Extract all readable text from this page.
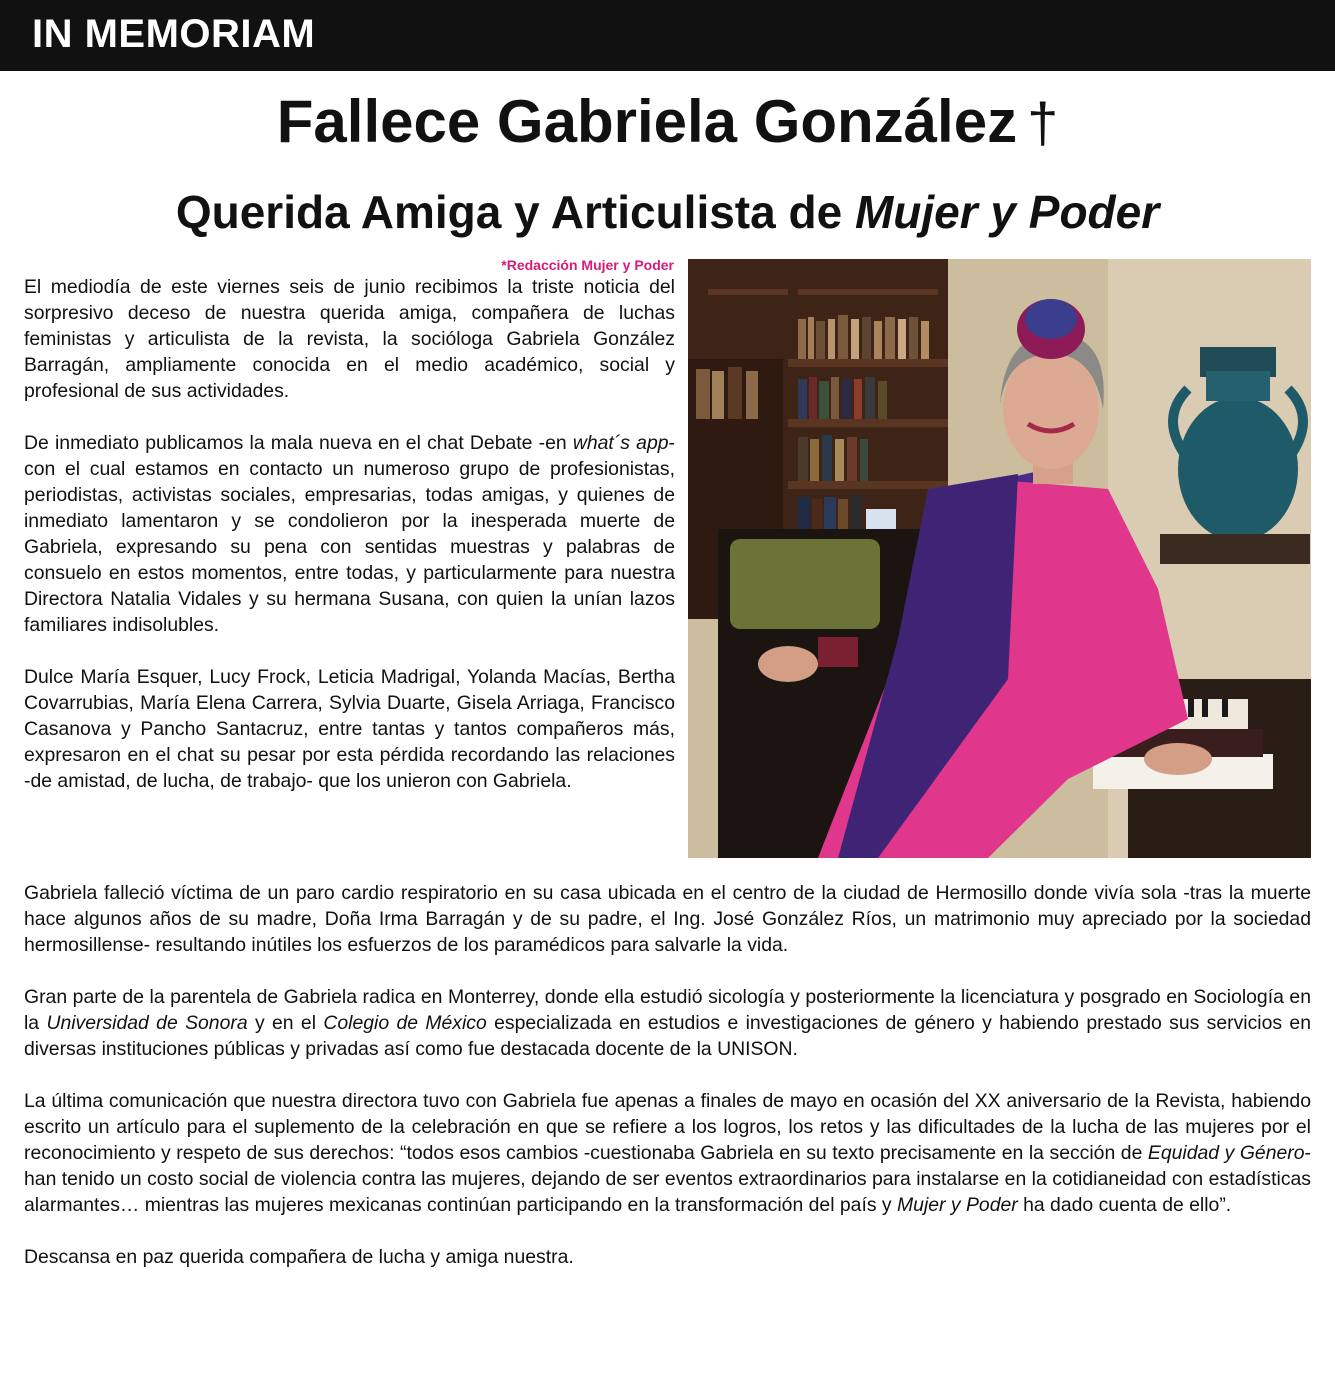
IN MEMORIAM
Fallece Gabriela González †
Querida Amiga y Articulista de Mujer y Poder
*Redacción Mujer y Poder

El mediodía de este viernes seis de junio recibimos la triste noticia del sorpresivo deceso de nuestra querida amiga, compañera de luchas feministas y articulista de la revista, la socióloga Gabriela González Barragán, ampliamente conocida en el medio académico, social y profesional de sus actividades.

De inmediato publicamos la mala nueva en el chat Debate -en what´s app- con el cual estamos en contacto un numeroso grupo de profesionistas, periodistas, activistas sociales, empresarias, todas amigas, y quienes de inmediato lamentaron y se condolieron por la inesperada muerte de Gabriela, expresando su pena con sentidas muestras y palabras de consuelo en estos momentos, entre todas, y particularmente para nuestra Directora Natalia Vidales y su hermana Susana, con quien la unían lazos familiares indisolubles.

Dulce María Esquer, Lucy Frock, Leticia Madrigal, Yolanda Macías, Bertha Covarrubias, María Elena Carrera, Sylvia Duarte, Gisela Arriaga, Francisco Casanova y Pancho Santacruz, entre tantas y tantos compañeros más, expresaron en el chat su pesar por esta pérdida recordando las relaciones -de amistad, de lucha, de trabajo- que los unieron con Gabriela.

Gabriela falleció víctima de un paro cardio respiratorio en su casa ubicada en el centro de la ciudad de Hermosillo donde vivía sola -tras la muerte hace algunos años de su madre, Doña Irma Barragán y de su padre, el Ing. José González Ríos, un matrimonio muy apreciado por la sociedad hermosillense- resultando inútiles los esfuerzos de los paramédicos para salvarle la vida.

Gran parte de la parentela de Gabriela radica en Monterrey, donde ella estudió sicología y posteriormente la licenciatura y posgrado en Sociología en la Universidad de Sonora y en el Colegio de México especializada en estudios e investigaciones de género y habiendo prestado sus servicios en diversas instituciones públicas y privadas así como fue destacada docente de la UNISON.

La última comunicación que nuestra directora tuvo con Gabriela fue apenas a finales de mayo en ocasión del XX aniversario de la Revista, habiendo escrito un artículo para el suplemento de la celebración en que se refiere a los logros, los retos y las dificultades de la lucha de las mujeres por el reconocimiento y respeto de sus derechos: “todos esos cambios -cuestionaba Gabriela en su texto precisamente en la sección de Equidad y Género- han tenido un costo social de violencia contra las mujeres, dejando de ser eventos extraordinarios para instalarse en la cotidianeidad con estadísticas alarmantes… mientras las mujeres mexicanas continúan participando en la transformación del país y Mujer y Poder ha dado cuenta de ello”.

Descansa en paz querida compañera de lucha y amiga nuestra.
